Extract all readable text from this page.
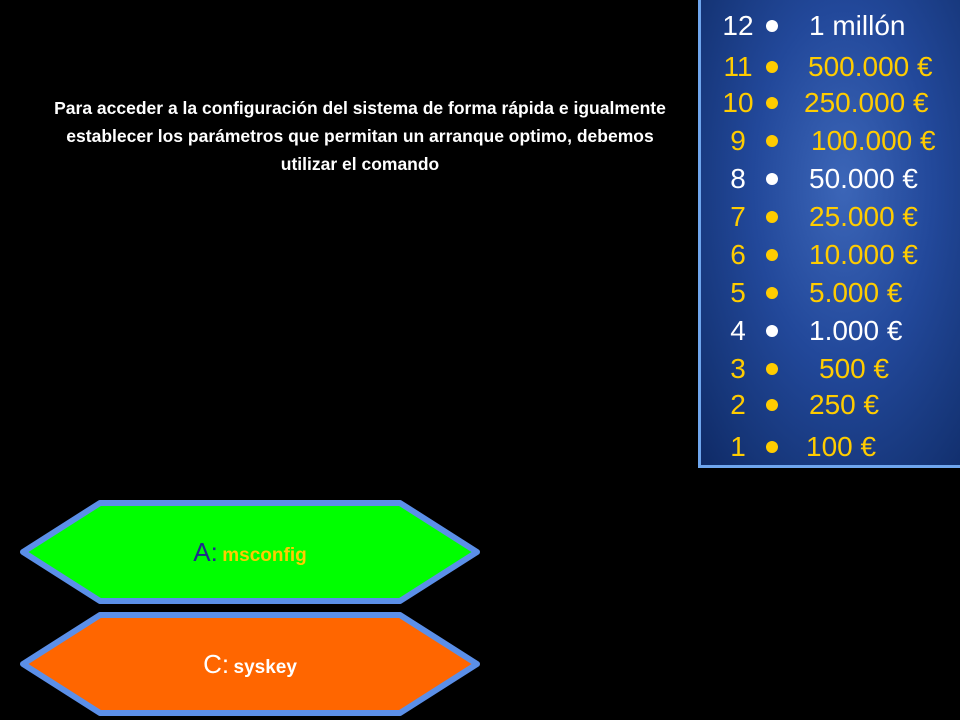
Para acceder a la configuración del sistema de forma rápida e igualmente establecer los parámetros que permitan un arranque optimo, debemos utilizar el comando
12 1 millón
11	500.000 €
10 250.000 €
9	100.000 €
8	50.000 €
7	25.000 €
6	10.000 €
5	5.000 €
4	1.000 €
3	500 €
2	250 €
1	100 €
A: msconfig
C: syskey
